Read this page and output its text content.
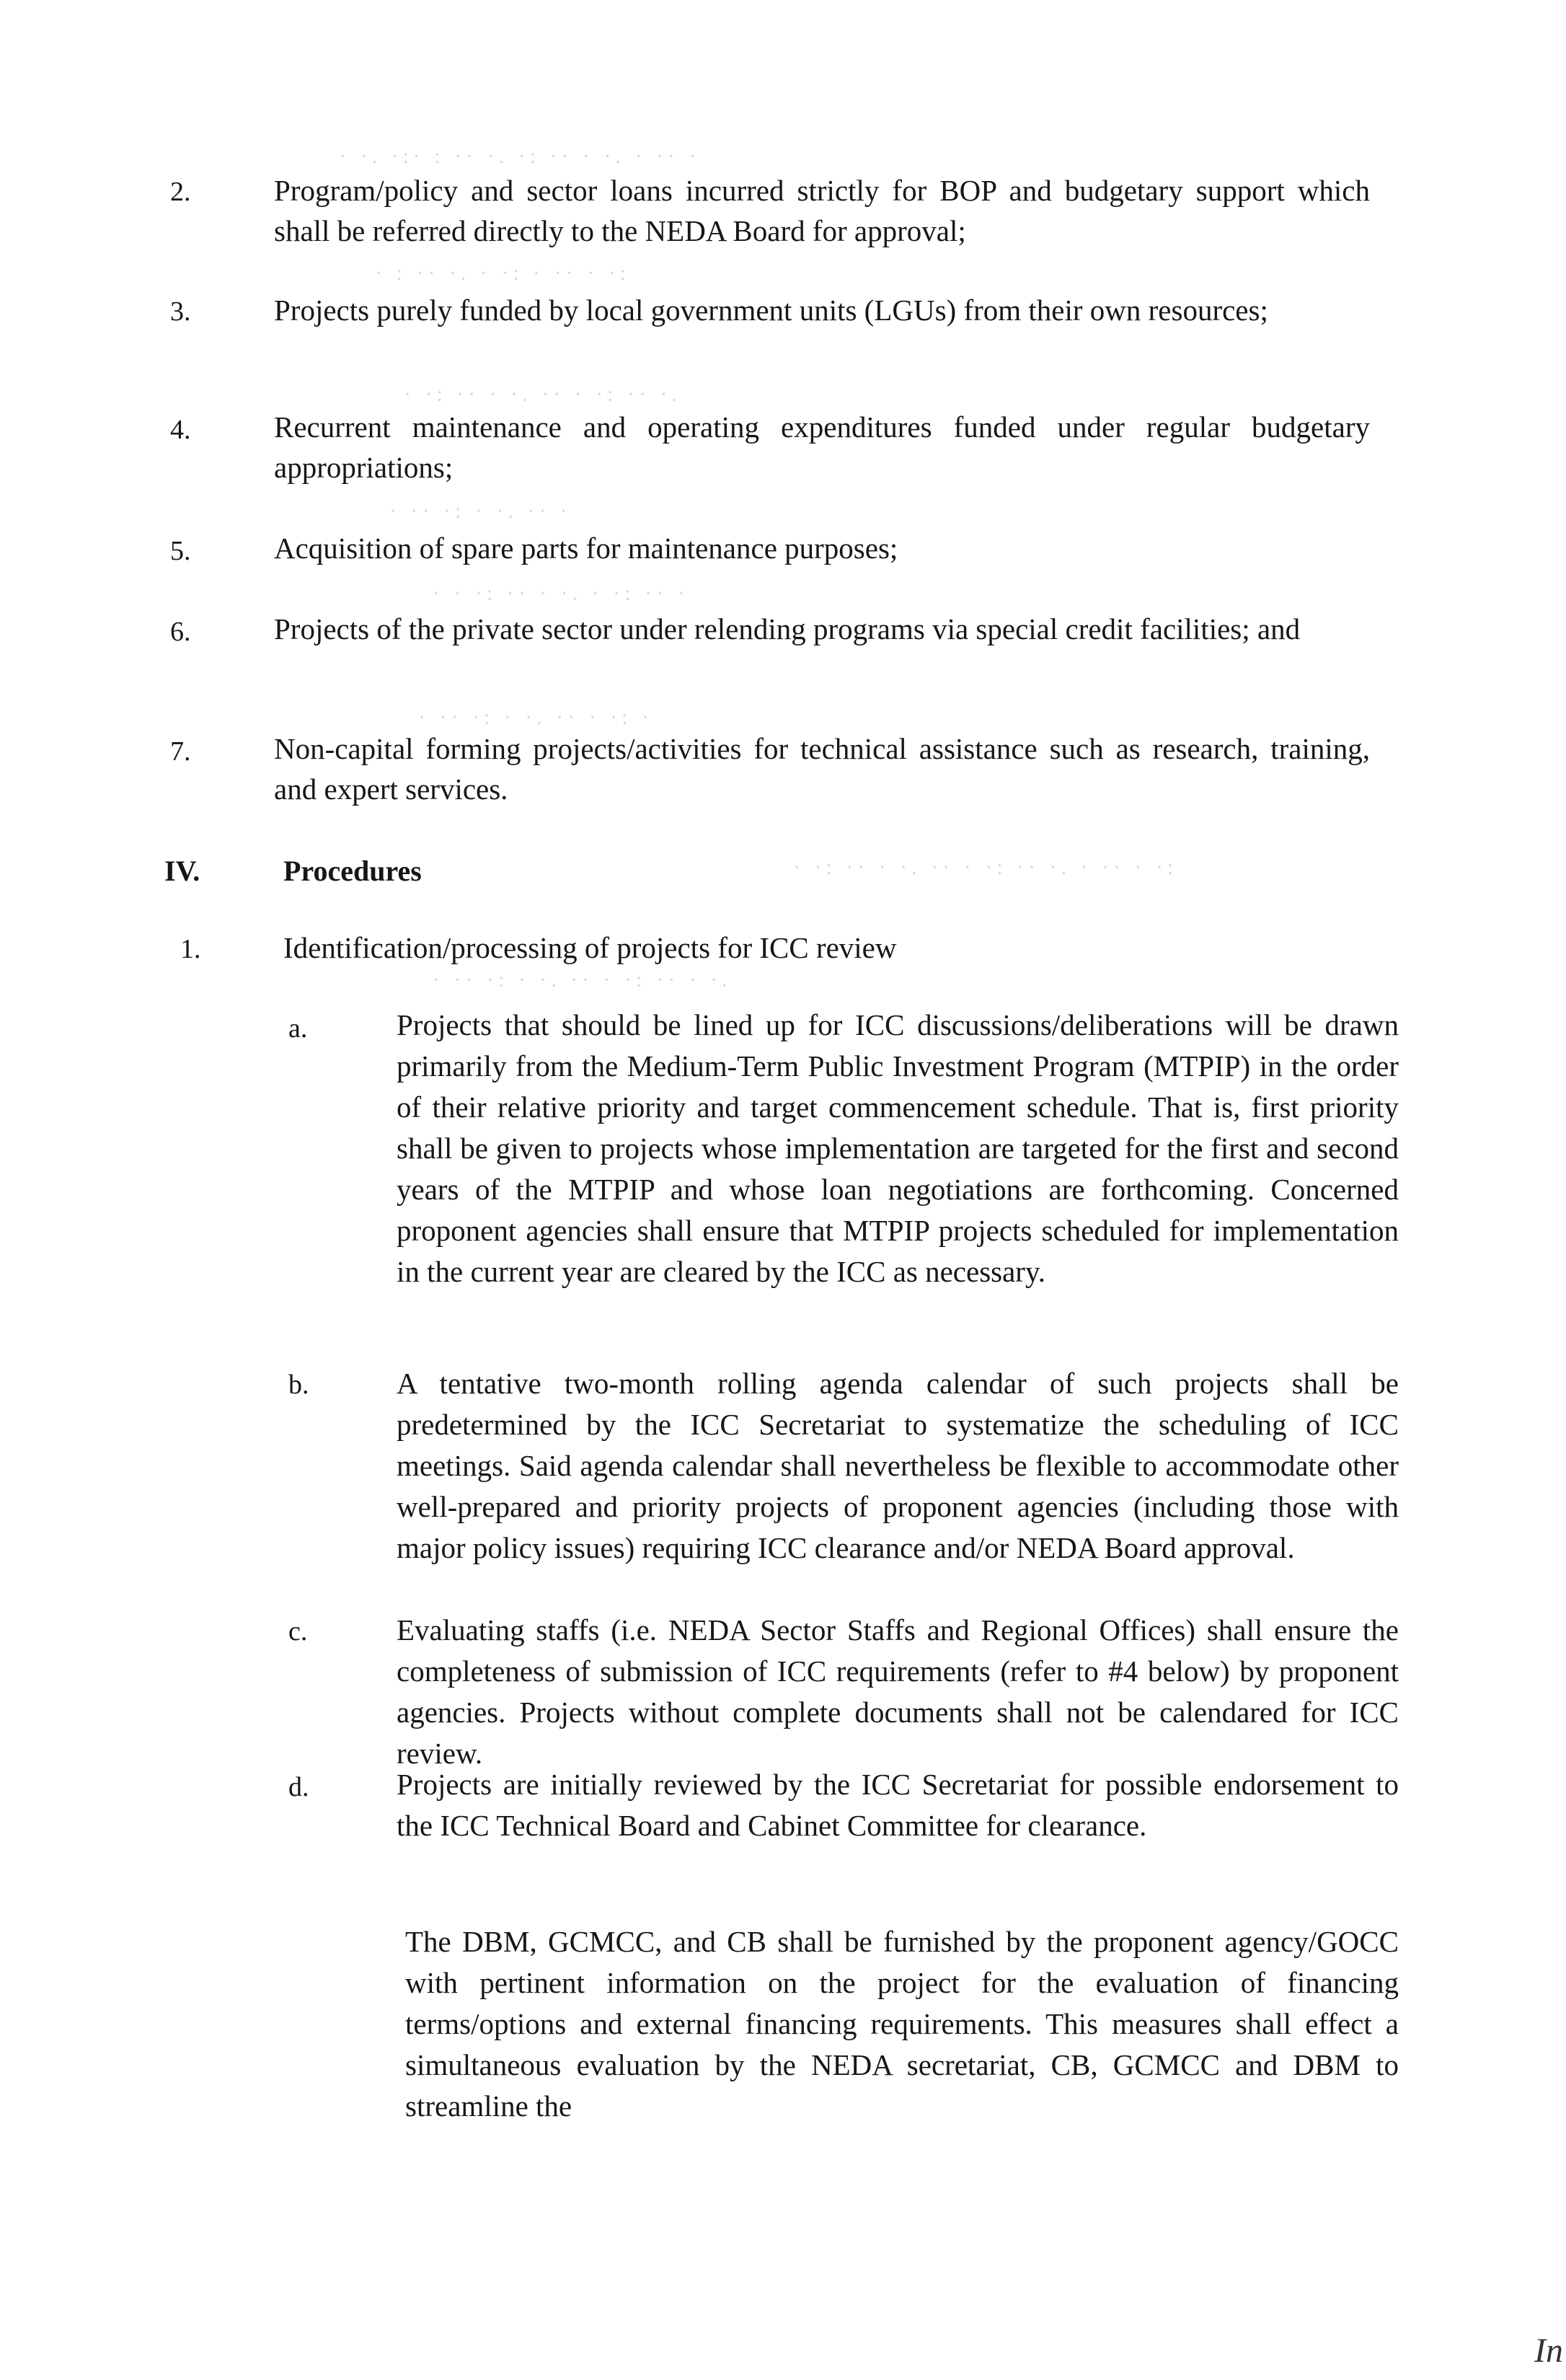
· ·. ·:· : ·· ·. ·: ·· · ·. · ·· ·
· : ·· ·. · ·: · ·· · ·:
· ·: ·· · ·. ·· · ·: ·· ·.
· ·· ·: · ·. ·· ·
· · ·: ·· · ·. · ·: ·· ·
· ·· ·: · ·. ·· · ·: ·
· ·: ·· · ·. ·· · ·: ·· ·. · ·· · ·:
· ·· ·: · ·. ·· · ·: ·· · ·.
2.	Program/policy and sector loans incurred strictly for BOP and budgetary support which shall be referred directly to the NEDA Board for approval;
3.	Projects purely funded by local government units (LGUs) from their own resources;
4.	Recurrent maintenance and operating expenditures funded under regular budgetary appropriations;
5.	Acquisition of spare parts for maintenance purposes;
6.	Projects of the private sector under relending programs via special credit facilities; and
7.	Non-capital forming projects/activities for technical assistance such as research, training, and expert services.
IV.	Procedures
1.	Identification/processing of projects for ICC review
a.	Projects that should be lined up for ICC discussions/deliberations will be drawn primarily from the Medium-Term Public Investment Program (MTPIP) in the order of their relative priority and target commencement schedule. That is, first priority shall be given to projects whose implementation are targeted for the first and second years of the MTPIP and whose loan negotiations are forthcoming. Concerned proponent agencies shall ensure that MTPIP projects scheduled for implementation in the current year are cleared by the ICC as necessary.
b.	A tentative two-month rolling agenda calendar of such projects shall be predetermined by the ICC Secretariat to systematize the scheduling of ICC meetings. Said agenda calendar shall nevertheless be flexible to accommodate other well-prepared and priority projects of proponent agencies (including those with major policy issues) requiring ICC clearance and/or NEDA Board approval.
c.	Evaluating staffs (i.e. NEDA Sector Staffs and Regional Offices) shall ensure the completeness of submission of ICC requirements (refer to #4 below) by proponent agencies. Projects without complete documents shall not be calendared for ICC review.
d.	Projects are initially reviewed by the ICC Secretariat for possible endorsement to the ICC Technical Board and Cabinet Committee for clearance.
The DBM, GCMCC, and CB shall be furnished by the proponent agency/GOCC with pertinent information on the project for the evaluation of financing terms/options and external financing requirements. This measures shall effect a simultaneous evaluation by the NEDA secretariat, CB, GCMCC and DBM to streamline the
In
